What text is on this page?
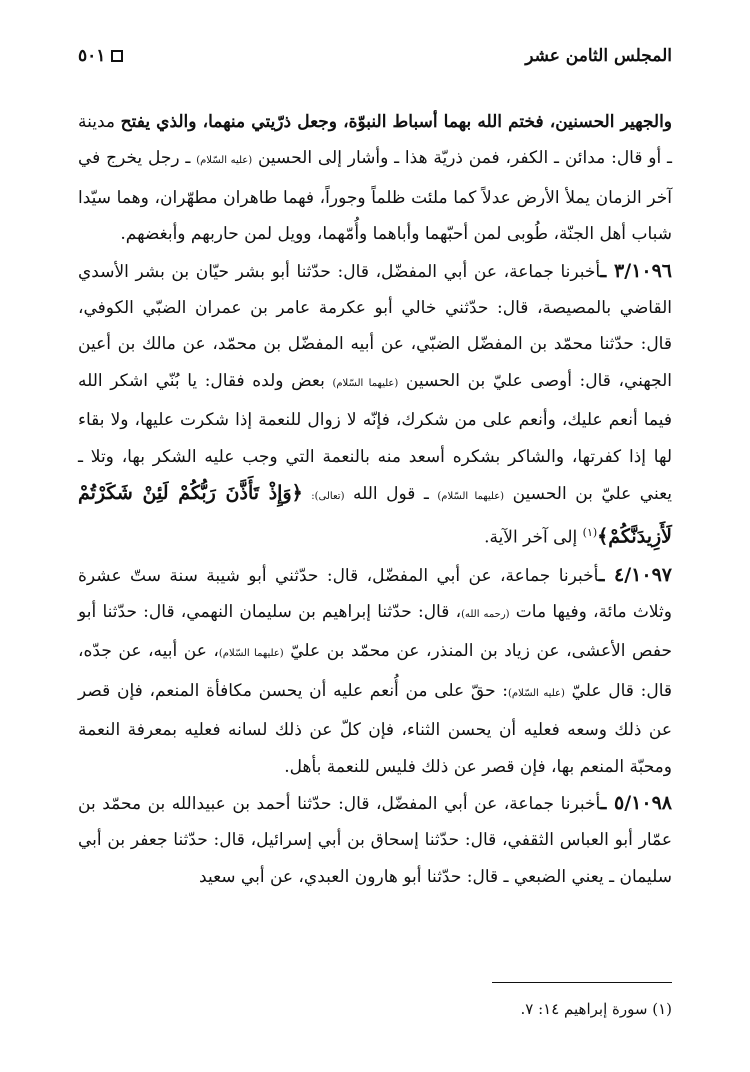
المجلس الثامن عشر
٥٠١

والجهير الحسنين، فختم الله بهما أسباط النبوّة، وجعل ذرّيتي منهما، والذي يفتح مدينة ـ أو قال: مدائن ـ الكفر، فمن ذريّة هذا ـ وأشار إلى الحسين (عليه السّلام) ـ رجل يخرج في آخر الزمان يملأ الأرض عدلاً كما ملئت ظلماً وجوراً، فهما طاهران مطهّران، وهما سيّدا شباب أهل الجنّة، طُوبى لمن أحبّهما وأباهما وأُمّهما، وويل لمن حاربهم وأبغضهم.

٣/١٠٩٦ ـأخبرنا جماعة، عن أبي المفضّل، قال: حدّثنا أبو بشر حيّان بن بشر الأسدي القاضي بالمصيصة، قال: حدّثني خالي أبو عكرمة عامر بن عمران الضبّي الكوفي، قال: حدّثنا محمّد بن المفضّل الضبّي، عن أبيه المفضّل بن محمّد، عن مالك بن أعين الجهني، قال: أوصى عليّ بن الحسين (عليهما السّلام) بعض ولده فقال: يا بُنّي اشكر الله فيما أنعم عليك، وأنعم على من شكرك، فإنّه لا زوال للنعمة إذا شكرت عليها، ولا بقاء لها إذا كفرتها، والشاكر بشكره أسعد منه بالنعمة التي وجب عليه الشكر بها، وتلا ـ يعني عليّ بن الحسين (عليهما السّلام) ـ قول الله (تعالى): ﴿وَإِذْ تَأَذَّنَ رَبُّكُمْ لَئِنْ شَكَرْتُمْ لَأَزِيدَنَّكُمْ﴾$^{(١)}$ إلى آخر الآية.

٤/١٠٩٧ ـأخبرنا جماعة، عن أبي المفضّل، قال: حدّثني أبو شيبة سنة ستّ عشرة وثلاث مائة، وفيها مات (رحمه الله)، قال: حدّثنا إبراهيم بن سليمان النهمي، قال: حدّثنا أبو حفص الأعشى، عن زياد بن المنذر، عن محمّد بن عليّ (عليهما السّلام)، عن أبيه، عن جدّه، قال: قال عليّ (عليه السّلام): حقّ على من أُنعم عليه أن يحسن مكافأة المنعم، فإن قصر عن ذلك وسعه فعليه أن يحسن الثناء، فإن كلّ عن ذلك لسانه فعليه بمعرفة النعمة ومحبّة المنعم بها، فإن قصر عن ذلك فليس للنعمة بأهل.

٥/١٠٩٨ ـأخبرنا جماعة، عن أبي المفضّل، قال: حدّثنا أحمد بن عبيدالله بن محمّد بن عمّار أبو العباس الثقفي، قال: حدّثنا إسحاق بن أبي إسرائيل، قال: حدّثنا جعفر بن أبي سليمان ـ يعني الضبعي ـ قال: حدّثنا أبو هارون العبدي، عن أبي سعيد

(١) سورة إبراهيم ١٤: ٧.
